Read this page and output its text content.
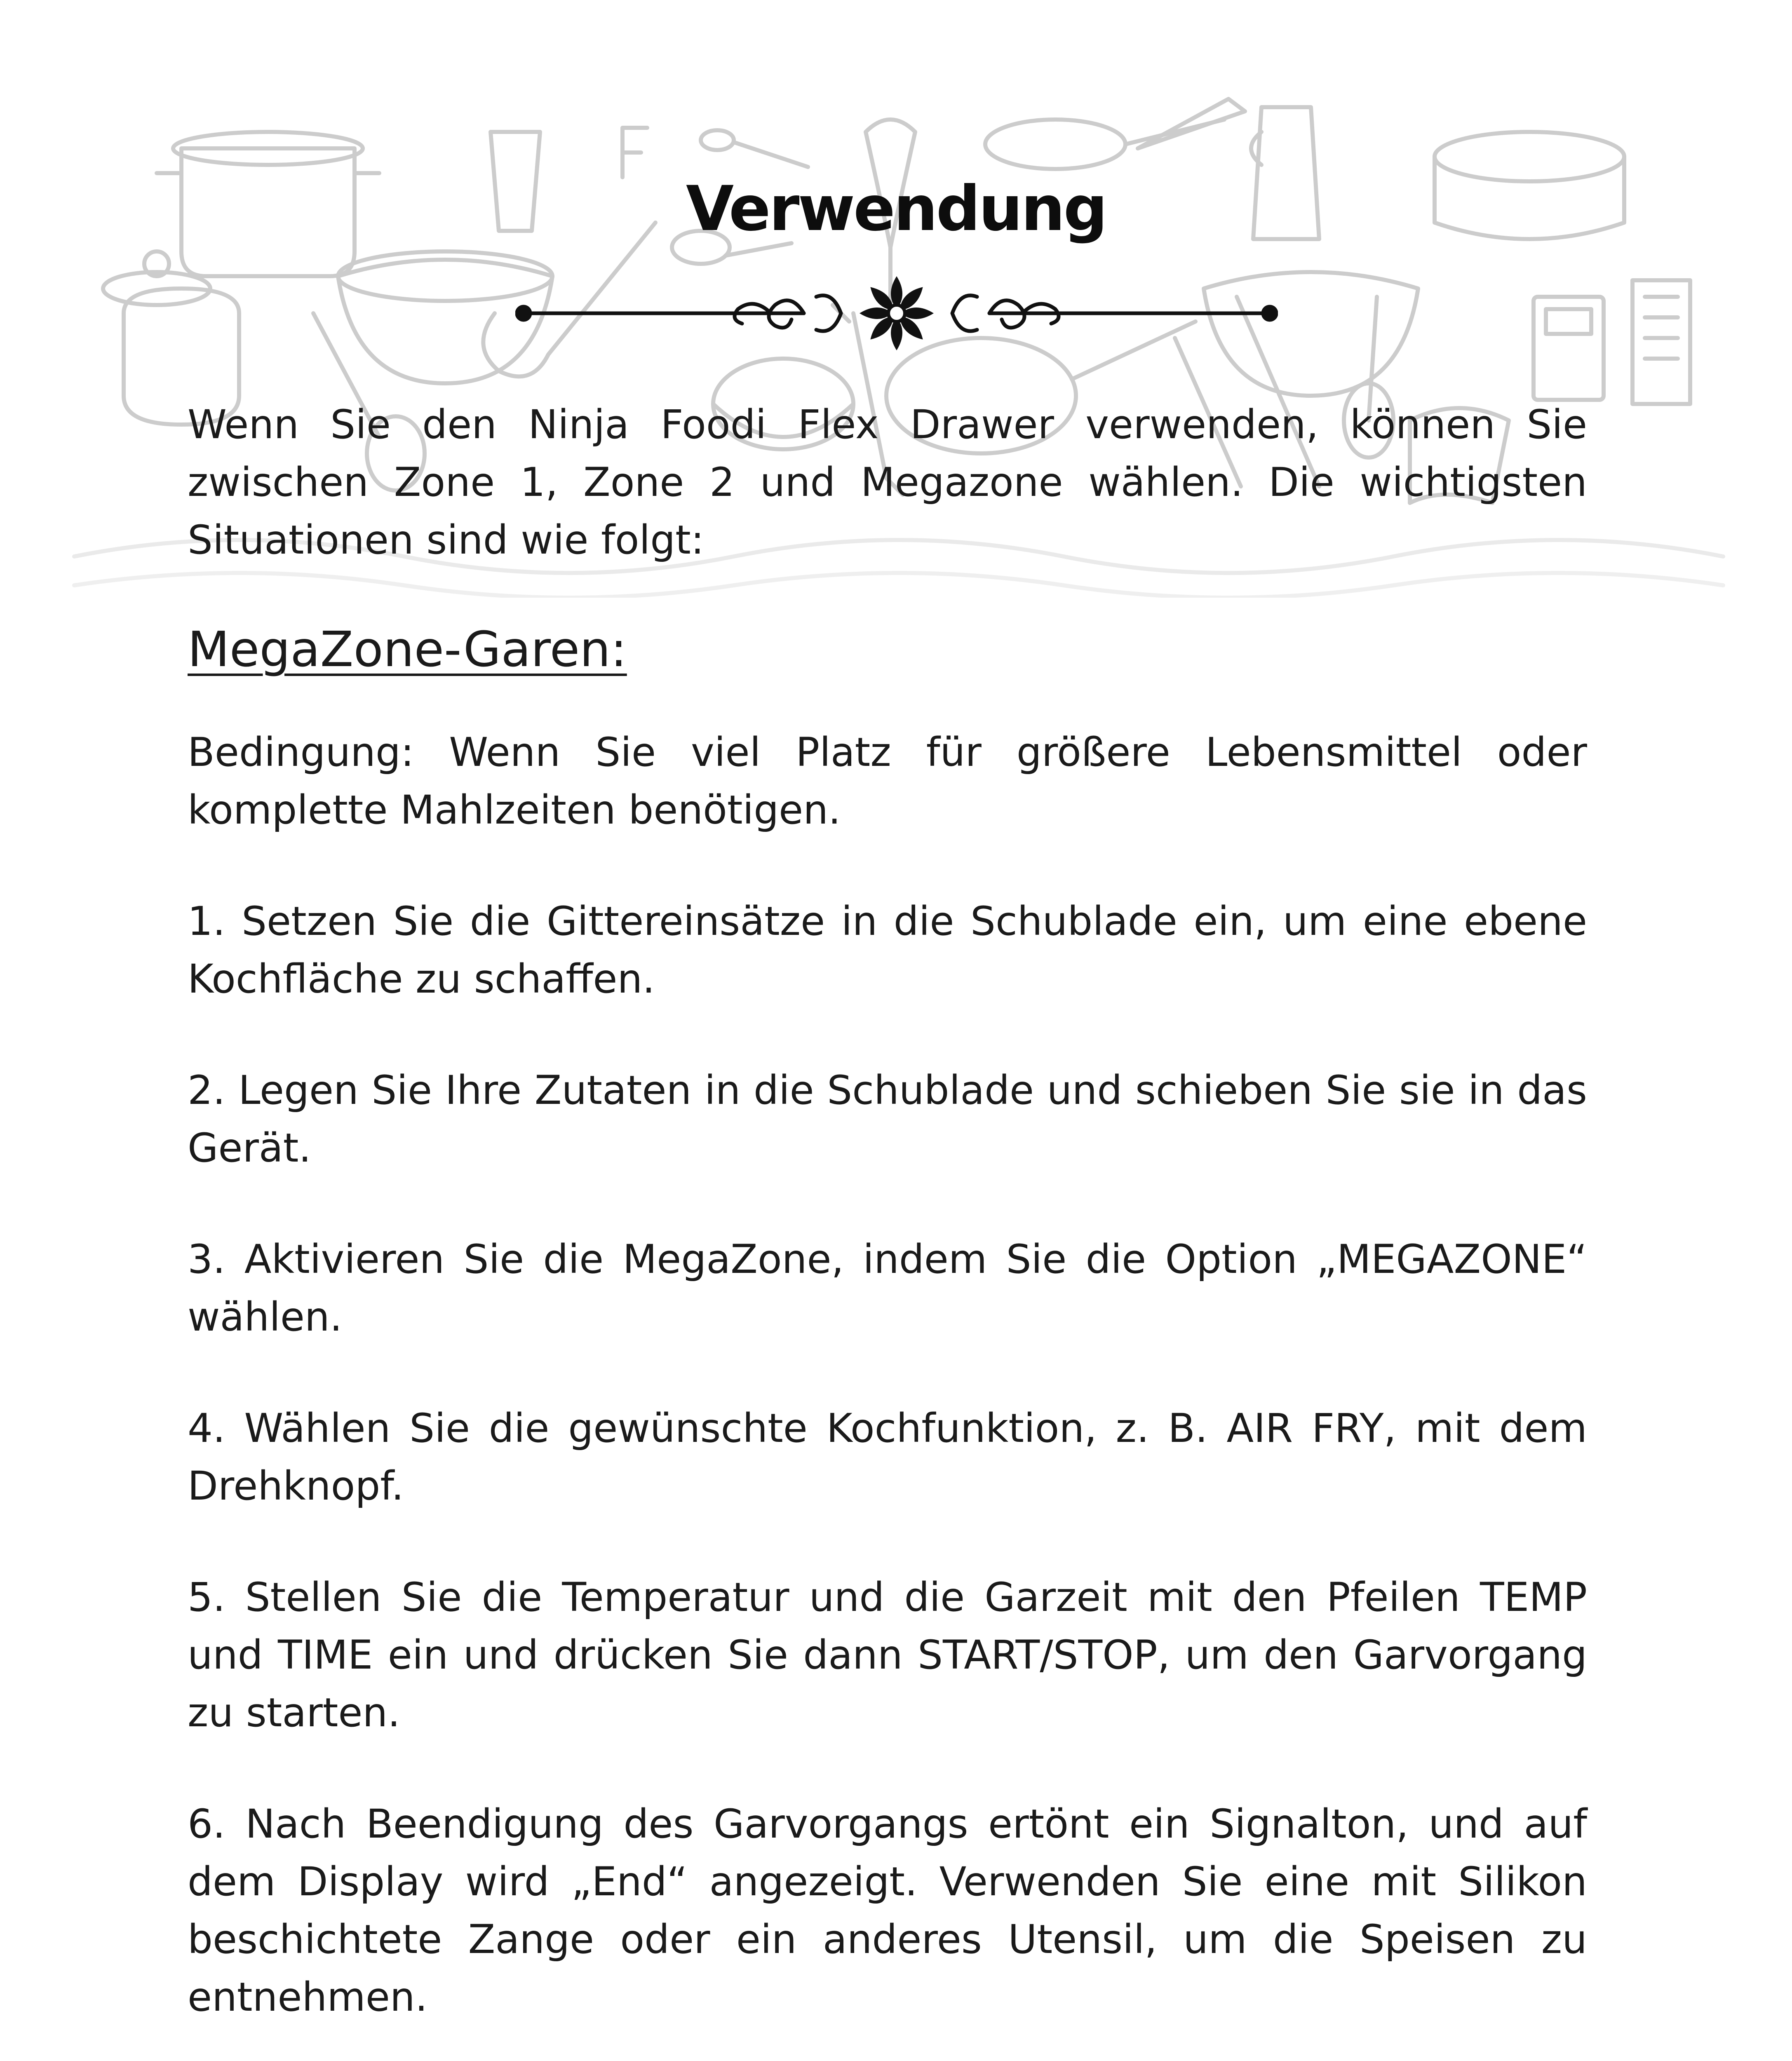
Verwendung

Wenn Sie den Ninja Foodi Flex Drawer verwenden, können Sie zwischen Zone 1, Zone 2 und Megazone wählen. Die wichtigsten Situationen sind wie folgt:

MegaZone-Garen:

Bedingung: Wenn Sie viel Platz für größere Lebensmittel oder komplette Mahlzeiten benötigen.

1. Setzen Sie die Gittereinsätze in die Schublade ein, um eine ebene Kochfläche zu schaffen.

2. Legen Sie Ihre Zutaten in die Schublade und schieben Sie sie in das Gerät.

3. Aktivieren Sie die MegaZone, indem Sie die Option „MEGAZONE“ wählen.

4. Wählen Sie die gewünschte Kochfunktion, z. B. AIR FRY, mit dem Drehknopf.

5. Stellen Sie die Temperatur und die Garzeit mit den Pfeilen TEMP und TIME ein und drücken Sie dann START/STOP, um den Garvorgang zu starten.

6. Nach Beendigung des Garvorgangs ertönt ein Signalton, und auf dem Display wird „End“ angezeigt. Verwenden Sie eine mit Silikon beschichtete Zange oder ein anderes Utensil, um die Speisen zu entnehmen.
